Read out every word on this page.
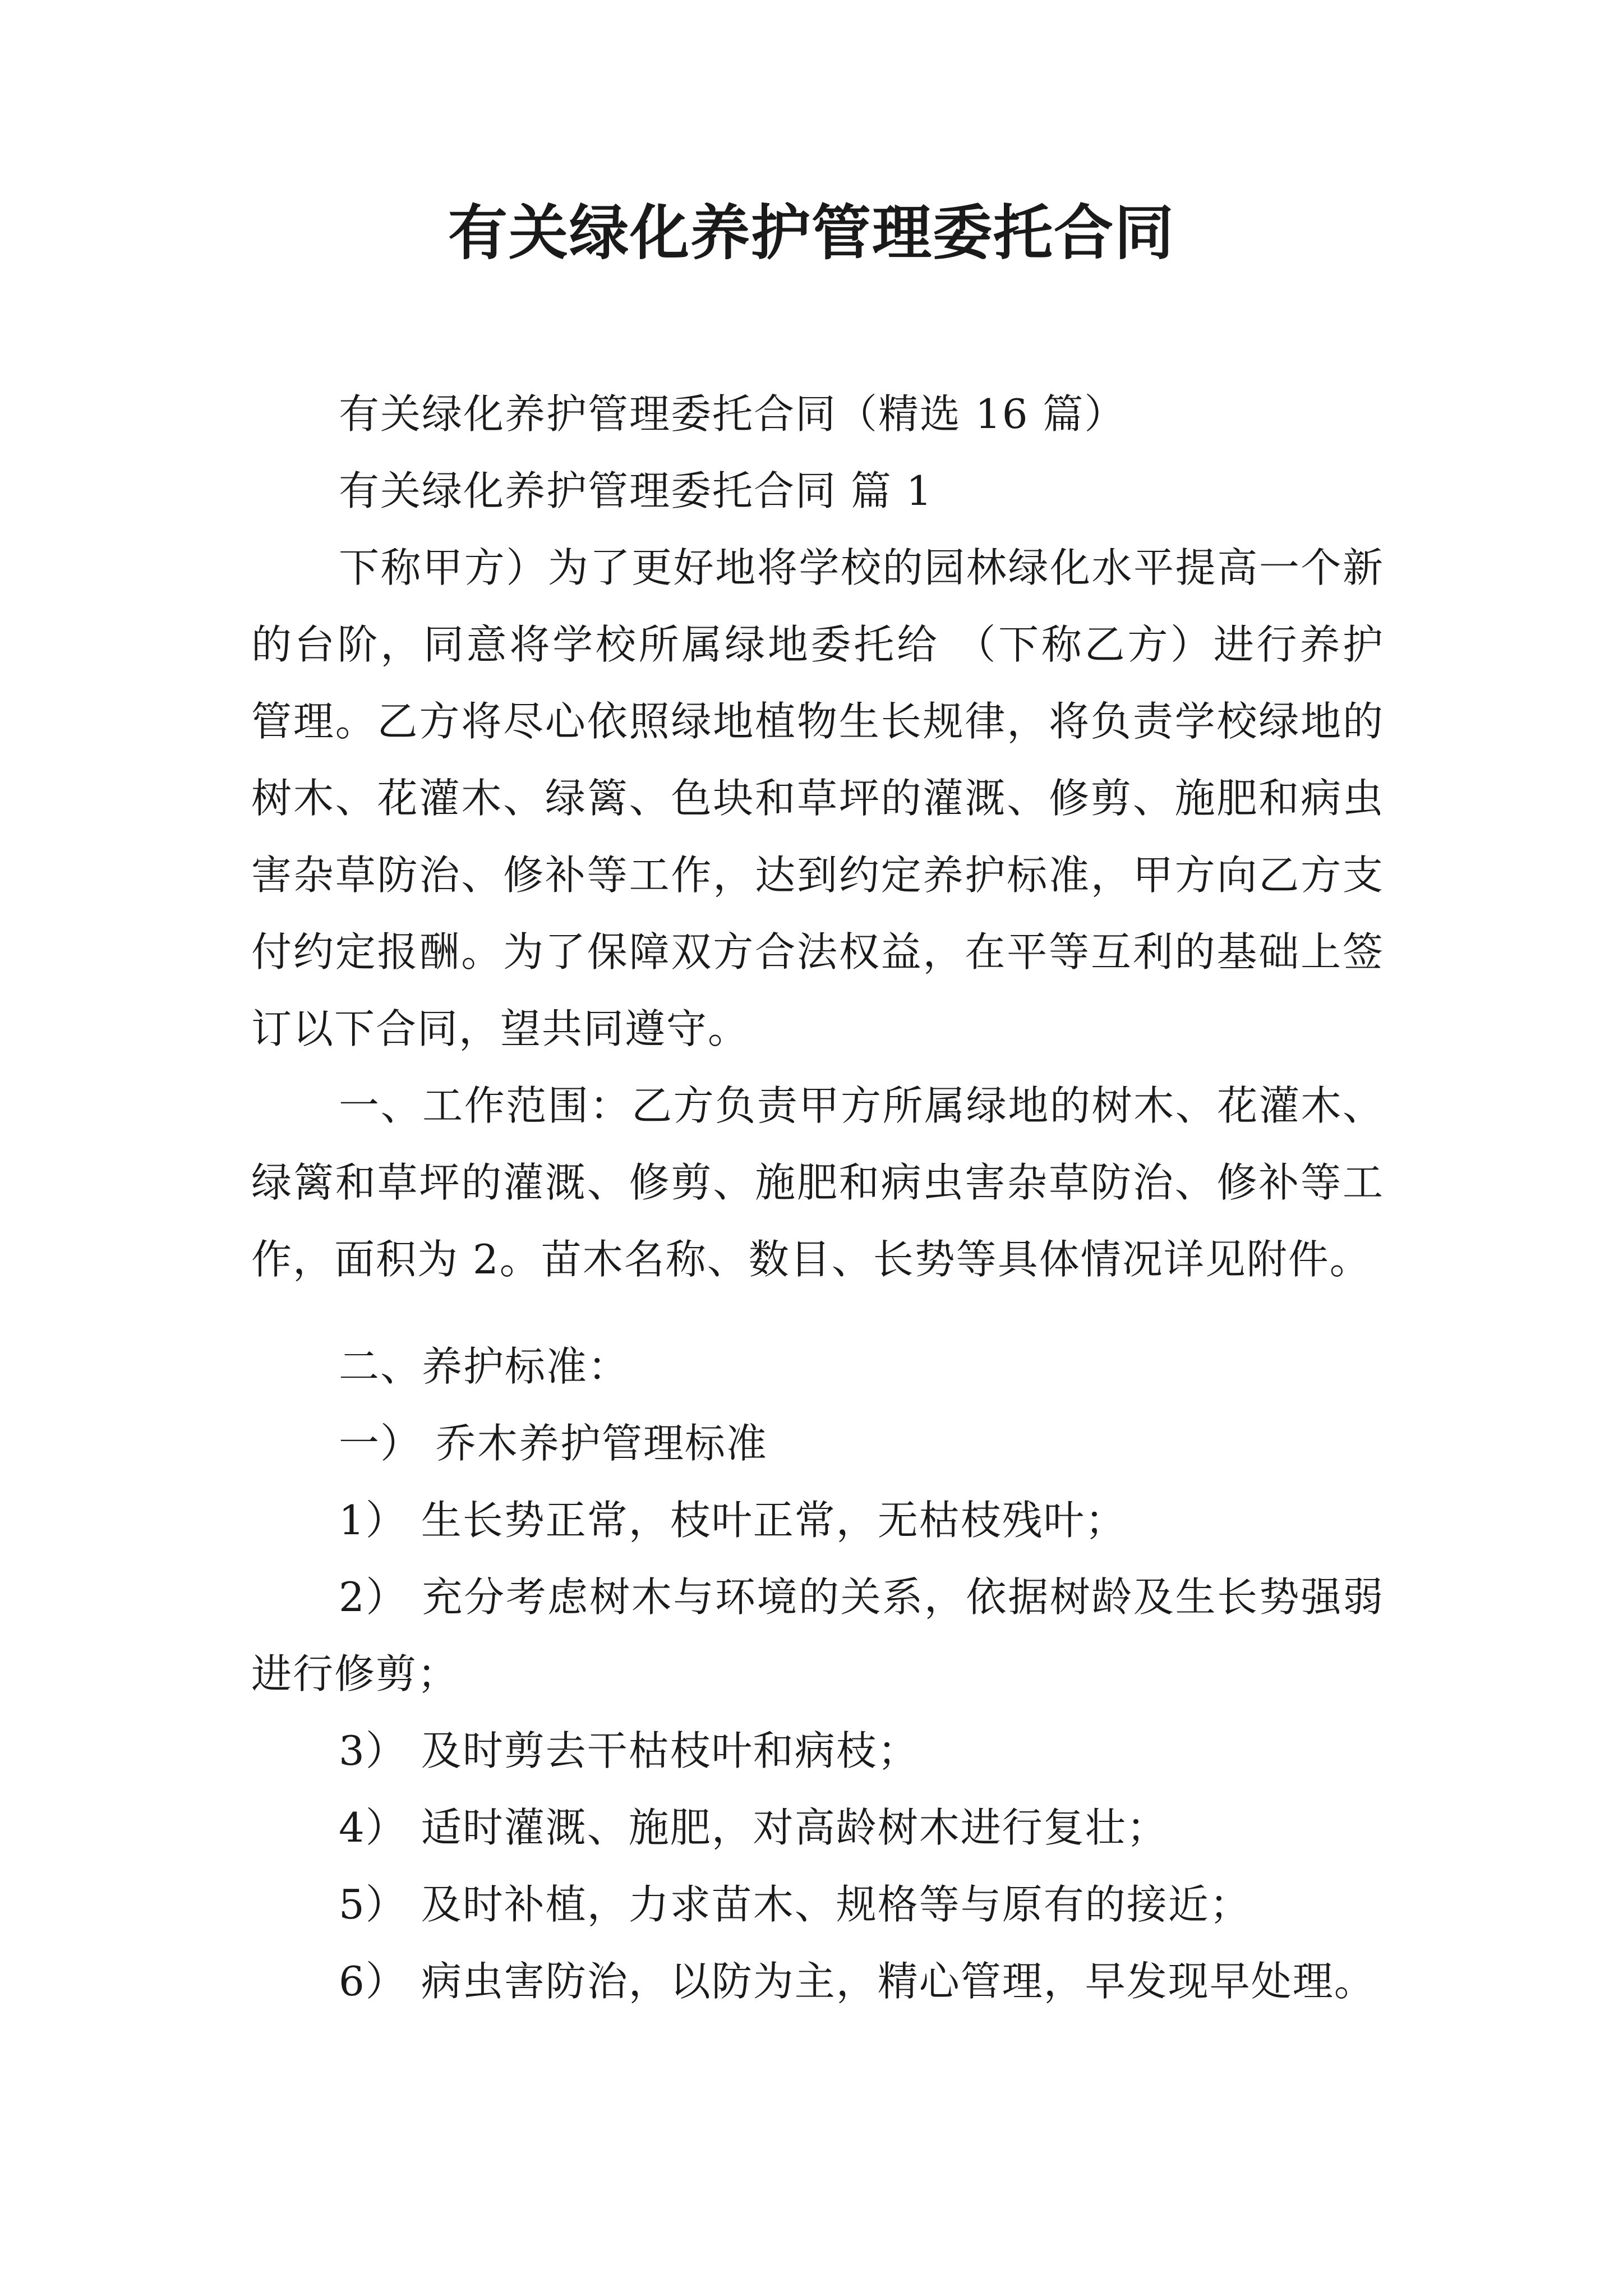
有关绿化养护管理委托合同

有关绿化养护管理委托合同（精选 16 篇）

有关绿化养护管理委托合同 篇 1

下称甲方）为了更好地将学校的园林绿化水平提高一个新的台阶，同意将学校所属绿地委托给 （下称乙方）进行养护管理。乙方将尽心依照绿地植物生长规律，将负责学校绿地的树木、花灌木、绿篱、色块和草坪的灌溉、修剪、施肥和病虫害杂草防治、修补等工作，达到约定养护标准，甲方向乙方支付约定报酬。为了保障双方合法权益，在平等互利的基础上签订以下合同，望共同遵守。

一、工作范围：乙方负责甲方所属绿地的树木、花灌木、绿篱和草坪的灌溉、修剪、施肥和病虫害杂草防治、修补等工作，面积为 2。苗木名称、数目、长势等具体情况详见附件。

二、养护标准：

一） 乔木养护管理标准

1） 生长势正常，枝叶正常，无枯枝残叶；

2） 充分考虑树木与环境的关系，依据树龄及生长势强弱进行修剪；

3） 及时剪去干枯枝叶和病枝；

4） 适时灌溉、施肥，对高龄树木进行复壮；

5） 及时补植，力求苗木、规格等与原有的接近；

6） 病虫害防治，以防为主，精心管理，早发现早处理。
